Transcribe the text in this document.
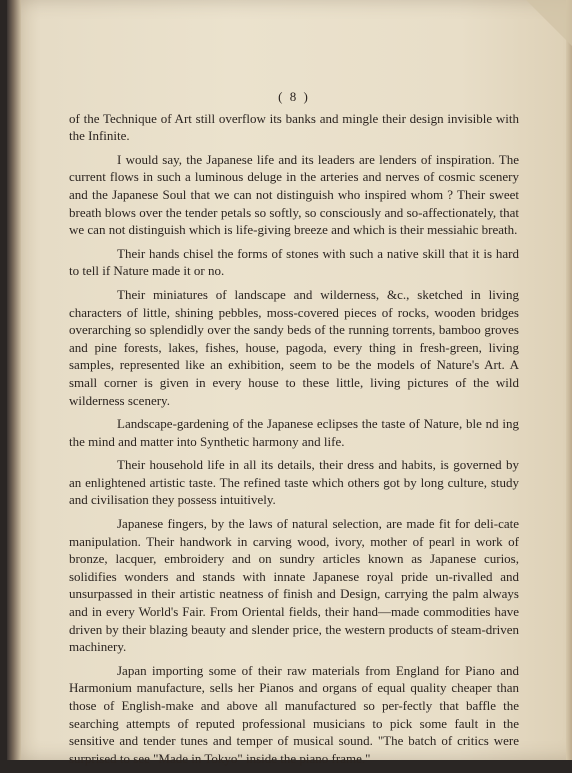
( 8 )

of the Technique of Art still overflow its banks and mingle their design invisible with the Infinite.

I would say, the Japanese life and its leaders are lenders of inspiration. The current flows in such a luminous deluge in the arteries and nerves of cosmic scenery and the Japanese Soul that we can not distinguish who inspired whom ? Their sweet breath blows over the tender petals so softly, so consciously and so-affectionately, that we can not distinguish which is life-giving breeze and which is their messiahic breath.

Their hands chisel the forms of stones with such a native skill that it is hard to tell if Nature made it or no.

Their miniatures of landscape and wilderness, &c., sketched in living characters of little, shining pebbles, moss-covered pieces of rocks, wooden bridges overarching so splendidly over the sandy beds of the running torrents, bamboo groves and pine forests, lakes, fishes, house, pagoda, every thing in fresh-green, living samples, represented like an exhibition, seem to be the models of Nature's Art. A small corner is given in every house to these little, living pictures of the wild wilderness scenery.

Landscape-gardening of the Japanese eclipses the taste of Nature, ble nd ing the mind and matter into Synthetic harmony and life.

Their household life in all its details, their dress and habits, is governed by an enlightened artistic taste. The refined taste which others got by long culture, study and civilisation they possess intuitively.

Japanese fingers, by the laws of natural selection, are made fit for deli-cate manipulation. Their handwork in carving wood, ivory, mother of pearl in work of bronze, lacquer, embroidery and on sundry articles known as Japanese curios, solidifies wonders and stands with innate Japanese royal pride un-rivalled and unsurpassed in their artistic neatness of finish and Design, carrying the palm always and in every World's Fair. From Oriental fields, their hand—made commodities have driven by their blazing beauty and slender price, the western products of steam-driven machinery.

Japan importing some of their raw materials from England for Piano and Harmonium manufacture, sells her Pianos and organs of equal quality cheaper than those of English-make and above all manufactured so per-fectly that baffle the searching attempts of reputed professional musicians to pick some fault in the sensitive and tender tunes and temper of musical sound. "The batch of critics were surprised to see "Made in Tokyo" inside the piano frame."
